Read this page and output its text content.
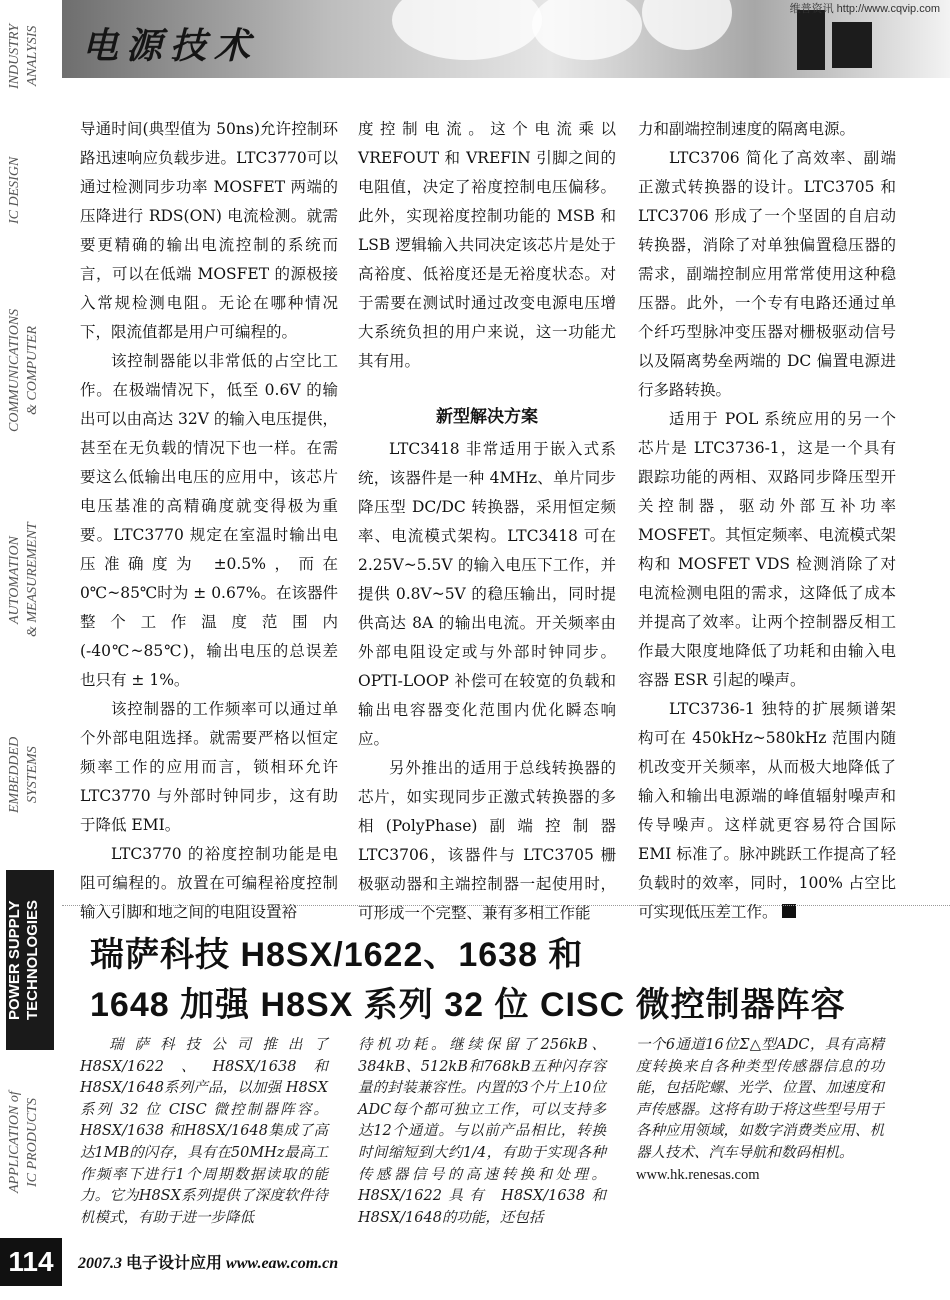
电源技术
维普资讯 http://www.cqvip.com
INDUSTRY
ANALYSIS
IC DESIGN
COMMUNICATIONS
& COMPUTER
AUTOMATION
& MEASUREMENT
EMBEDDED
SYSTEMS
POWER SUPPLY
TECHNOLOGIES
APPLICATION of
IC PRODUCTS
114

导通时间(典型值为 50ns)允许控制环路迅速响应负载步进。LTC3770可以通过检测同步功率 MOSFET 两端的压降进行 RDS(ON) 电流检测。就需要更精确的输出电流控制的系统而言，可以在低端 MOSFET 的源极接入常规检测电阻。无论在哪种情况下，限流值都是用户可编程的。

该控制器能以非常低的占空比工作。在极端情况下，低至 0.6V 的输出可以由高达 32V 的输入电压提供，甚至在无负载的情况下也一样。在需要这么低输出电压的应用中，该芯片电压基准的高精确度就变得极为重要。LTC3770 规定在室温时输出电压准确度为 ±0.5%，而在 0℃~85℃时为 ± 0.67%。在该器件整个工作温度范围内(-40℃~85℃)，输出电压的总误差也只有 ± 1%。

该控制器的工作频率可以通过单个外部电阻选择。就需要严格以恒定频率工作的应用而言，锁相环允许 LTC3770 与外部时钟同步，这有助于降低 EMI。

LTC3770 的裕度控制功能是电阻可编程的。放置在可编程裕度控制输入引脚和地之间的电阻设置裕

度控制电流。这个电流乘以 VREFOUT 和 VREFIN 引脚之间的电阻值，决定了裕度控制电压偏移。此外，实现裕度控制功能的 MSB 和 LSB 逻辑输入共同决定该芯片是处于高裕度、低裕度还是无裕度状态。对于需要在测试时通过改变电源电压增大系统负担的用户来说，这一功能尤其有用。

新型解决方案

LTC3418 非常适用于嵌入式系统，该器件是一种 4MHz、单片同步降压型 DC/DC 转换器，采用恒定频率、电流模式架构。LTC3418 可在 2.25V~5.5V 的输入电压下工作，并提供 0.8V~5V 的稳压输出，同时提供高达 8A 的输出电流。开关频率由外部电阻设定或与外部时钟同步。OPTI-LOOP 补偿可在较宽的负载和输出电容器变化范围内优化瞬态响应。

另外推出的适用于总线转换器的芯片，如实现同步正激式转换器的多相(PolyPhase)副端控制器 LTC3706，该器件与 LTC3705 栅极驱动器和主端控制器一起使用时，可形成一个完整、兼有多相工作能

力和副端控制速度的隔离电源。

LTC3706 简化了高效率、副端正激式转换器的设计。LTC3705 和 LTC3706 形成了一个坚固的自启动转换器，消除了对单独偏置稳压器的需求，副端控制应用常常使用这种稳压器。此外，一个专有电路还通过单个纤巧型脉冲变压器对栅极驱动信号以及隔离势垒两端的 DC 偏置电源进行多路转换。

适用于 POL 系统应用的另一个芯片是 LTC3736-1，这是一个具有跟踪功能的两相、双路同步降压型开关控制器，驱动外部互补功率 MOSFET。其恒定频率、电流模式架构和 MOSFET VDS 检测消除了对电流检测电阻的需求，这降低了成本并提高了效率。让两个控制器反相工作最大限度地降低了功耗和由输入电容器 ESR 引起的噪声。

LTC3736-1 独特的扩展频谱架构可在 450kHz~580kHz 范围内随机改变开关频率，从而极大地降低了输入和输出电源端的峰值辐射噪声和传导噪声。这样就更容易符合国际 EMI 标准了。脉冲跳跃工作提高了轻负载时的效率，同时，100% 占空比可实现低压差工作。

瑞萨科技 H8SX/1622、1638 和
1648 加强 H8SX 系列 32 位 CISC 微控制器阵容
瑞萨科技公司推出了 H8SX/1622、H8SX/1638和H8SX/1648系列产品，以加强 H8SX 系列 32 位 CISC 微控制器阵容。H8SX/1638 和H8SX/1648集成了高达1MB的闪存，具有在50MHz最高工作频率下进行1个周期数据读取的能力。它为H8SX系列提供了深度软件待机模式，有助于进一步降低
待机功耗。继续保留了256kB、384kB、512kB和768kB五种闪存容量的封装兼容性。内置的3个片上10位ADC每个都可独立工作，可以支持多达12个通道。与以前产品相比，转换时间缩短到大约1/4，有助于实现各种传感器信号的高速转换和处理。H8SX/1622具有 H8SX/1638和H8SX/1648的功能，还包括
一个6通道16位Σ△型ADC，具有高精度转换来自各种类型传感器信息的功能，包括陀螺、光学、位置、加速度和声传感器。这将有助于将这些型号用于各种应用领域，如数字消费类应用、机器人技术、汽车导航和数码相机。
www.hk.renesas.com
2007.3 电子设计应用 www.eaw.com.cn
